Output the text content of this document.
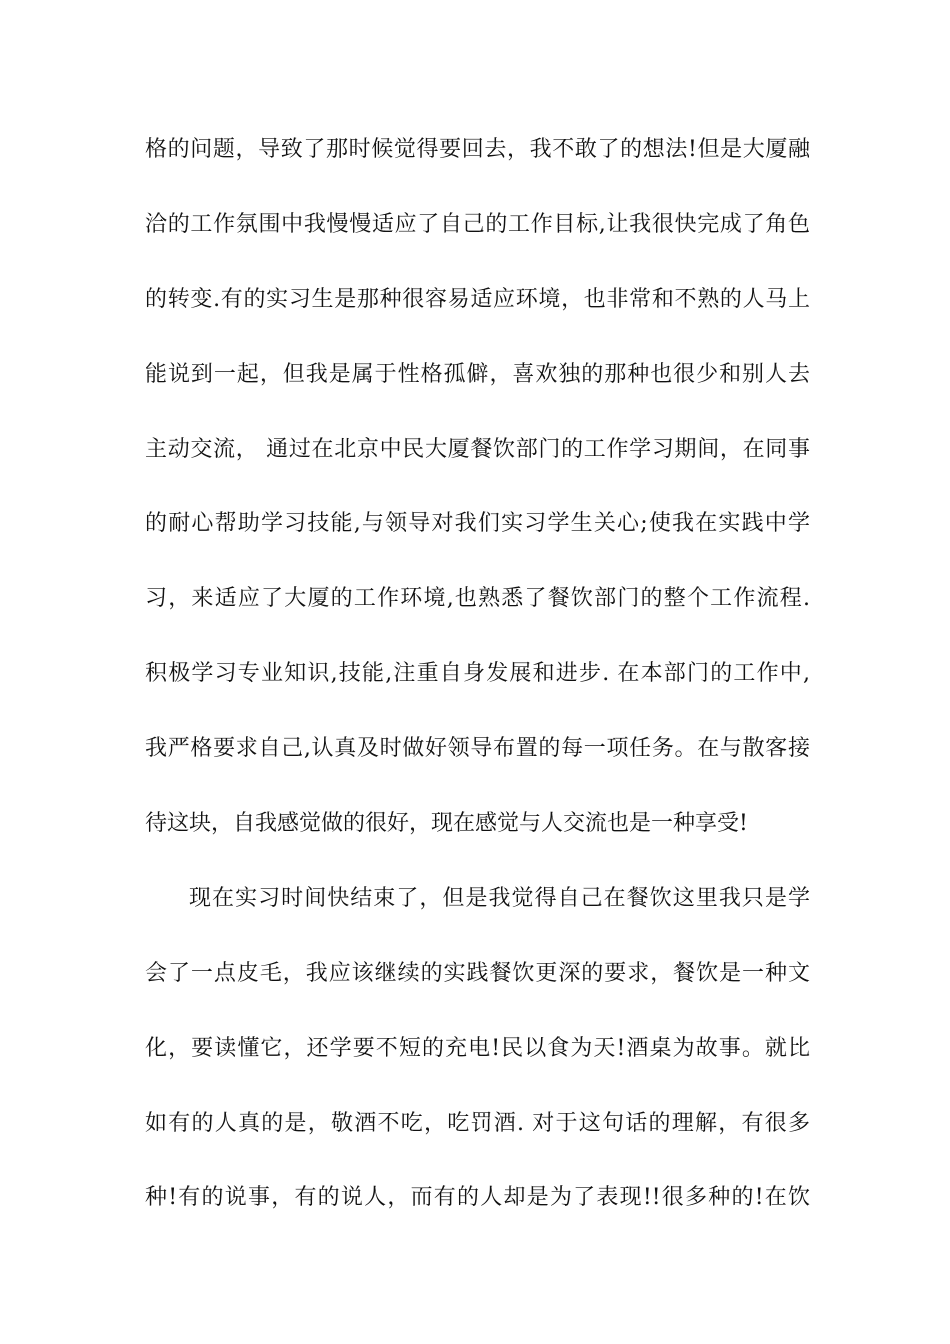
格的问题，导致了那时候觉得要回去，我不敢了的想法!但是大厦融
洽的工作氛围中我慢慢适应了自己的工作目标,让我很快完成了角色
的转变.有的实习生是那种很容易适应环境，也非常和不熟的人马上
能说到一起，但我是属于性格孤僻，喜欢独的那种也很少和别人去
主动交流， 通过在北京中民大厦餐饮部门的工作学习期间，在同事
的耐心帮助学习技能,与领导对我们实习学生关心;使我在实践中学
习，来适应了大厦的工作环境,也熟悉了餐饮部门的整个工作流程.
积极学习专业知识,技能,注重自身发展和进步. 在本部门的工作中,
我严格要求自己,认真及时做好领导布置的每一项任务。在与散客接
待这块，自我感觉做的很好，现在感觉与人交流也是一种享受!
现在实习时间快结束了，但是我觉得自己在餐饮这里我只是学
会了一点皮毛，我应该继续的实践餐饮更深的要求，餐饮是一种文
化，要读懂它，还学要不短的充电!民以食为天!酒桌为故事。就比
如有的人真的是，敬酒不吃，吃罚酒. 对于这句话的理解，有很多
种!有的说事，有的说人，而有的人却是为了表现!!很多种的!在饮
